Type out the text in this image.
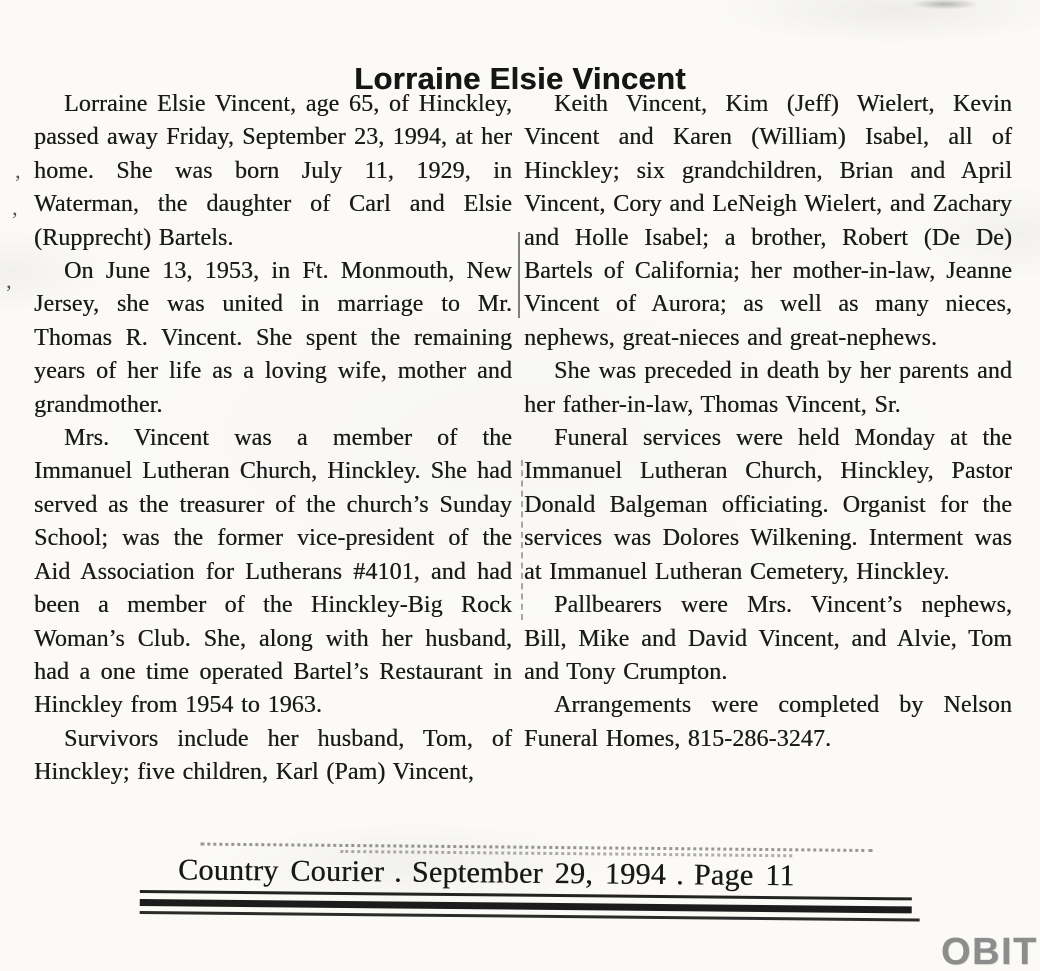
Lorraine Elsie Vincent

Lorraine Elsie Vincent, age 65, of Hinckley, passed away Friday, September 23, 1994, at her home. She was born July 11, 1929, in Waterman, the daughter of Carl and Elsie (Rupprecht) Bartels.

On June 13, 1953, in Ft. Monmouth, New Jersey, she was united in marriage to Mr. Thomas R. Vincent. She spent the remaining years of her life as a loving wife, mother and grandmother.

Mrs. Vincent was a member of the Immanuel Lutheran Church, Hinckley. She had served as the treasurer of the church’s Sunday School; was the former vice-president of the Aid Association for Lutherans #4101, and had been a member of the Hinckley-Big Rock Woman’s Club. She, along with her husband, had a one time operated Bartel’s Restaurant in Hinckley from 1954 to 1963.

Survivors include her husband, Tom, of Hinckley; five children, Karl (Pam) Vincent,

Keith Vincent, Kim (Jeff) Wielert, Kevin Vincent and Karen (William) Isabel, all of Hinckley; six grandchildren, Brian and April Vincent, Cory and LeNeigh Wielert, and Zachary and Holle Isabel; a brother, Robert (De De) Bartels of California; her mother-in-law, Jeanne Vincent of Aurora; as well as many nieces, nephews, great-nieces and great-nephews.

She was preceded in death by her parents and her father-in-law, Thomas Vincent, Sr.

Funeral services were held Monday at the Immanuel Lutheran Church, Hinckley, Pastor Donald Balgeman officiating. Organist for the services was Dolores Wilkening. Interment was at Immanuel Lutheran Cemetery, Hinckley.

Pallbearers were Mrs. Vincent’s nephews, Bill, Mike and David Vincent, and Alvie, Tom and Tony Crumpton.

Arrangements were completed by Nelson Funeral Homes, 815-286-3247.

’
’
’
Country Courier . September 29, 1994 . Page 11
OBIT
